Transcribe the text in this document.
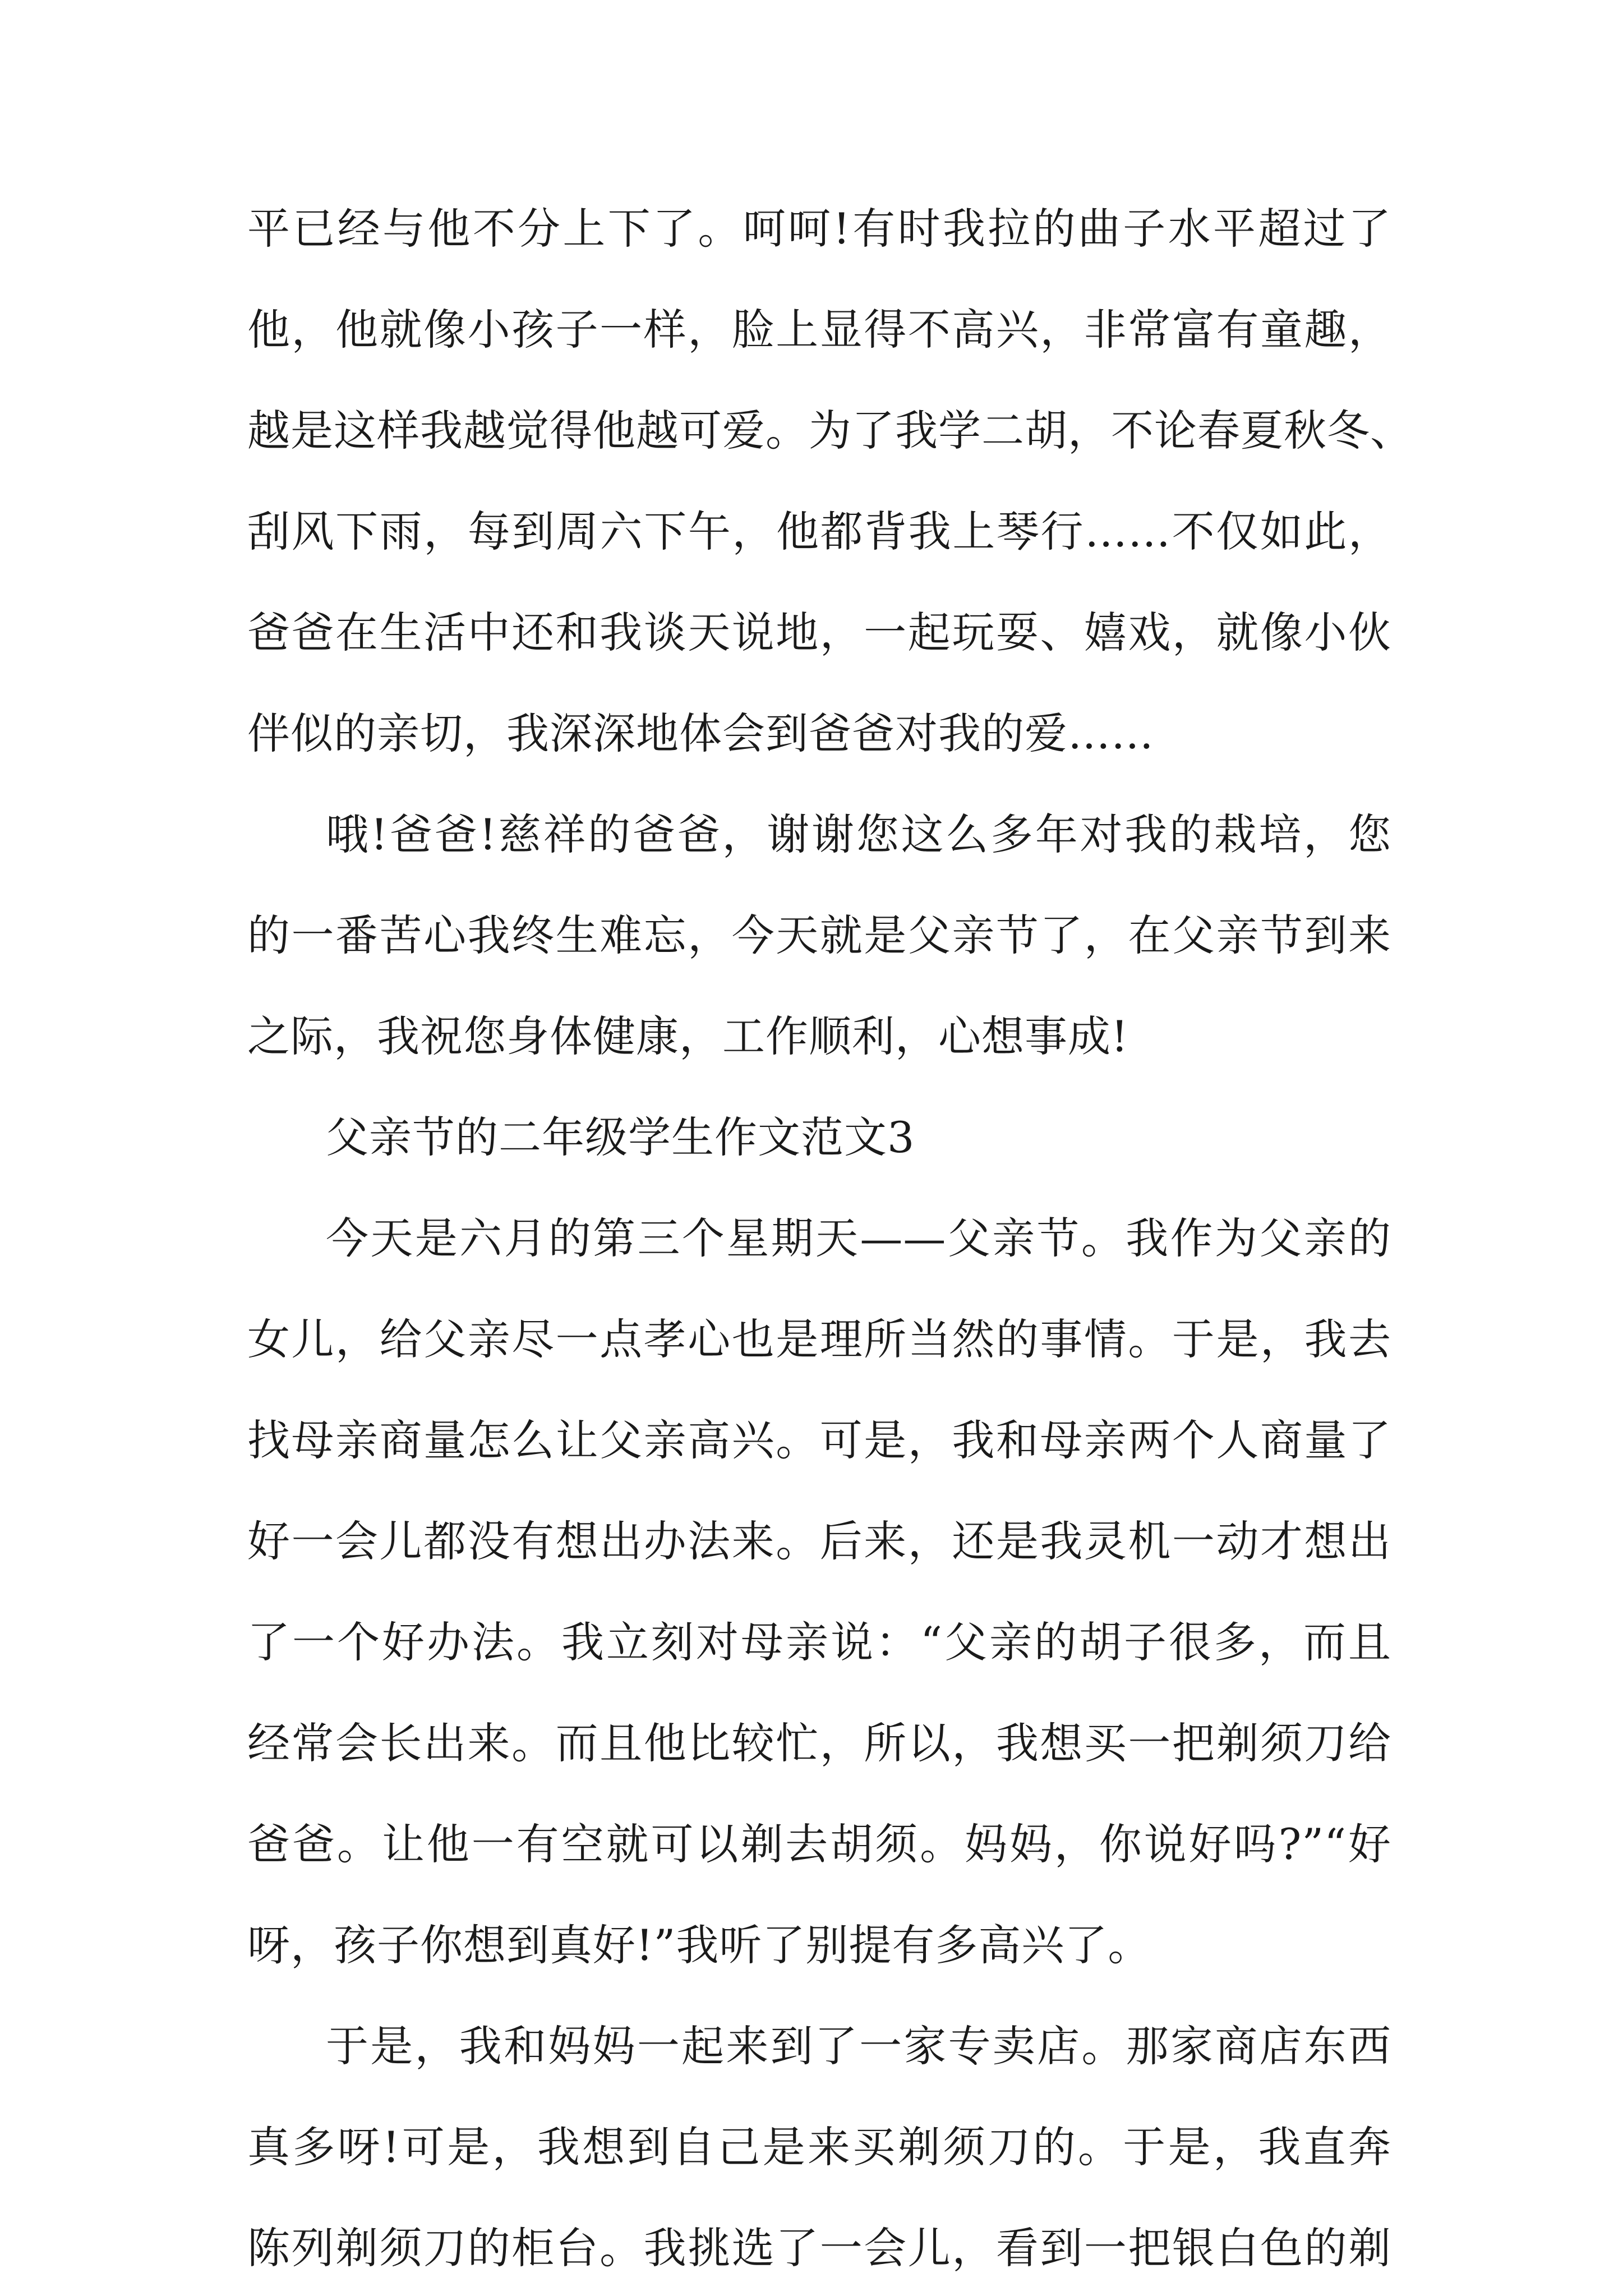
平已经与他不分上下了。呵呵!有时我拉的曲子水平超过了
他，他就像小孩子一样，脸上显得不高兴，非常富有童趣，
越是这样我越觉得他越可爱。为了我学二胡，不论春夏秋冬、
刮风下雨，每到周六下午，他都背我上琴行……不仅如此，
爸爸在生活中还和我谈天说地，一起玩耍、嬉戏，就像小伙
伴似的亲切，我深深地体会到爸爸对我的爱……
哦!爸爸!慈祥的爸爸，谢谢您这么多年对我的栽培，您
的一番苦心我终生难忘，今天就是父亲节了，在父亲节到来
之际，我祝您身体健康，工作顺利，心想事成!
父亲节的二年级学生作文范文3
今天是六月的第三个星期天——父亲节。我作为父亲的
女儿，给父亲尽一点孝心也是理所当然的事情。于是，我去
找母亲商量怎么让父亲高兴。可是，我和母亲两个人商量了
好一会儿都没有想出办法来。后来，还是我灵机一动才想出
了一个好办法。我立刻对母亲说：“父亲的胡子很多，而且
经常会长出来。而且他比较忙，所以，我想买一把剃须刀给
爸爸。让他一有空就可以剃去胡须。妈妈，你说好吗?”“好
呀，孩子你想到真好!”我听了别提有多高兴了。
于是，我和妈妈一起来到了一家专卖店。那家商店东西
真多呀!可是，我想到自己是来买剃须刀的。于是，我直奔
陈列剃须刀的柜台。我挑选了一会儿，看到一把银白色的剃
